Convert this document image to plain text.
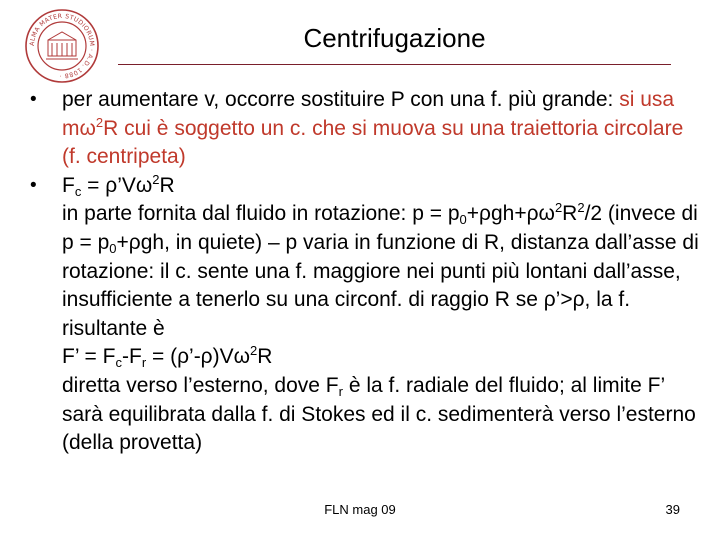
ALMA MATER STUDIORUM · A.D. 1088 ·
Centrifugazione
•	per aumentare v, occorre sostituire P con una f. più grande: si usa $m\omega^2R$ cui è soggetto un c. che si muova su una traiettoria circolare (f. centripeta)
•	$F_c$ = $\rho’V\omega^2R$

in parte fornita dal fluido in rotazione: $p = p_0+\rho gh+\rho\omega^2R^2/2$ (invece di $p = p_0+\rho gh$, in quiete) – p varia in funzione di R, distanza dall’asse di rotazione: il c. sente una f. maggiore nei punti più lontani dall’asse, insufficiente a tenerlo su una circonf. di raggio R se ρ’>ρ, la f. risultante è

F’ = $F_c-F_r$ = $(\rho’-\rho)V\omega^2R$

diretta verso l’esterno, dove $F_r$ è la f. radiale del fluido; al limite F’ sarà equilibrata dalla f. di Stokes ed il c. sedimenterà verso l’esterno (della provetta)

FLN mag 09	39
